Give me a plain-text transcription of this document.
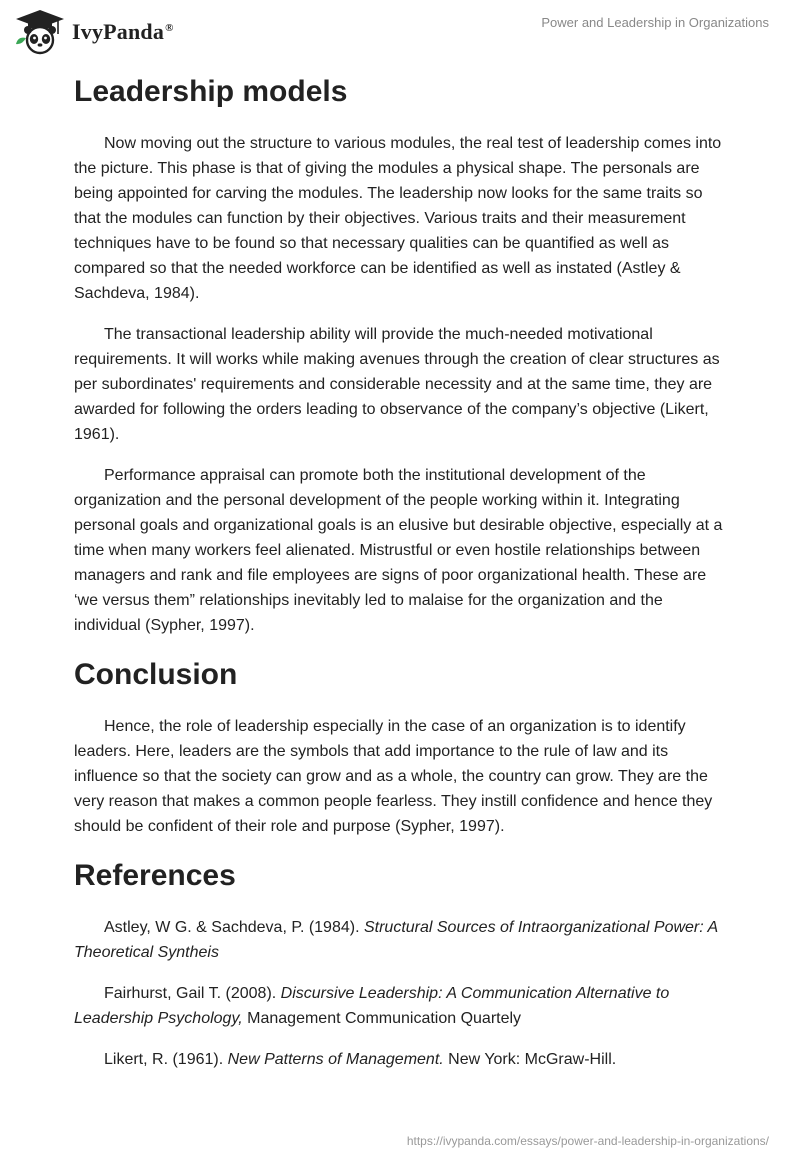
IvyPanda®	Power and Leadership in Organizations
Leadership models

Now moving out the structure to various modules, the real test of leadership comes into the picture. This phase is that of giving the modules a physical shape. The personals are being appointed for carving the modules. The leadership now looks for the same traits so that the modules can function by their objectives. Various traits and their measurement techniques have to be found so that necessary qualities can be quantified as well as compared so that the needed workforce can be identified as well as instated (Astley & Sachdeva, 1984).

The transactional leadership ability will provide the much-needed motivational requirements. It will works while making avenues through the creation of clear structures as per subordinates' requirements and considerable necessity and at the same time, they are awarded for following the orders leading to observance of the company’s objective (Likert, 1961).

Performance appraisal can promote both the institutional development of the organization and the personal development of the people working within it. Integrating personal goals and organizational goals is an elusive but desirable objective, especially at a time when many workers feel alienated. Mistrustful or even hostile relationships between managers and rank and file employees are signs of poor organizational health. These are ‘we versus them” relationships inevitably led to malaise for the organization and the individual (Sypher, 1997).

Conclusion

Hence, the role of leadership especially in the case of an organization is to identify leaders. Here, leaders are the symbols that add importance to the rule of law and its influence so that the society can grow and as a whole, the country can grow. They are the very reason that makes a common people fearless. They instill confidence and hence they should be confident of their role and purpose (Sypher, 1997).

References

Astley, W G. & Sachdeva, P. (1984). Structural Sources of Intraorganizational Power: A Theoretical Syntheis

Fairhurst, Gail T. (2008). Discursive Leadership: A Communication Alternative to Leadership Psychology, Management Communication Quartely

Likert, R. (1961). New Patterns of Management. New York: McGraw-Hill.

https://ivypanda.com/essays/power-and-leadership-in-organizations/
